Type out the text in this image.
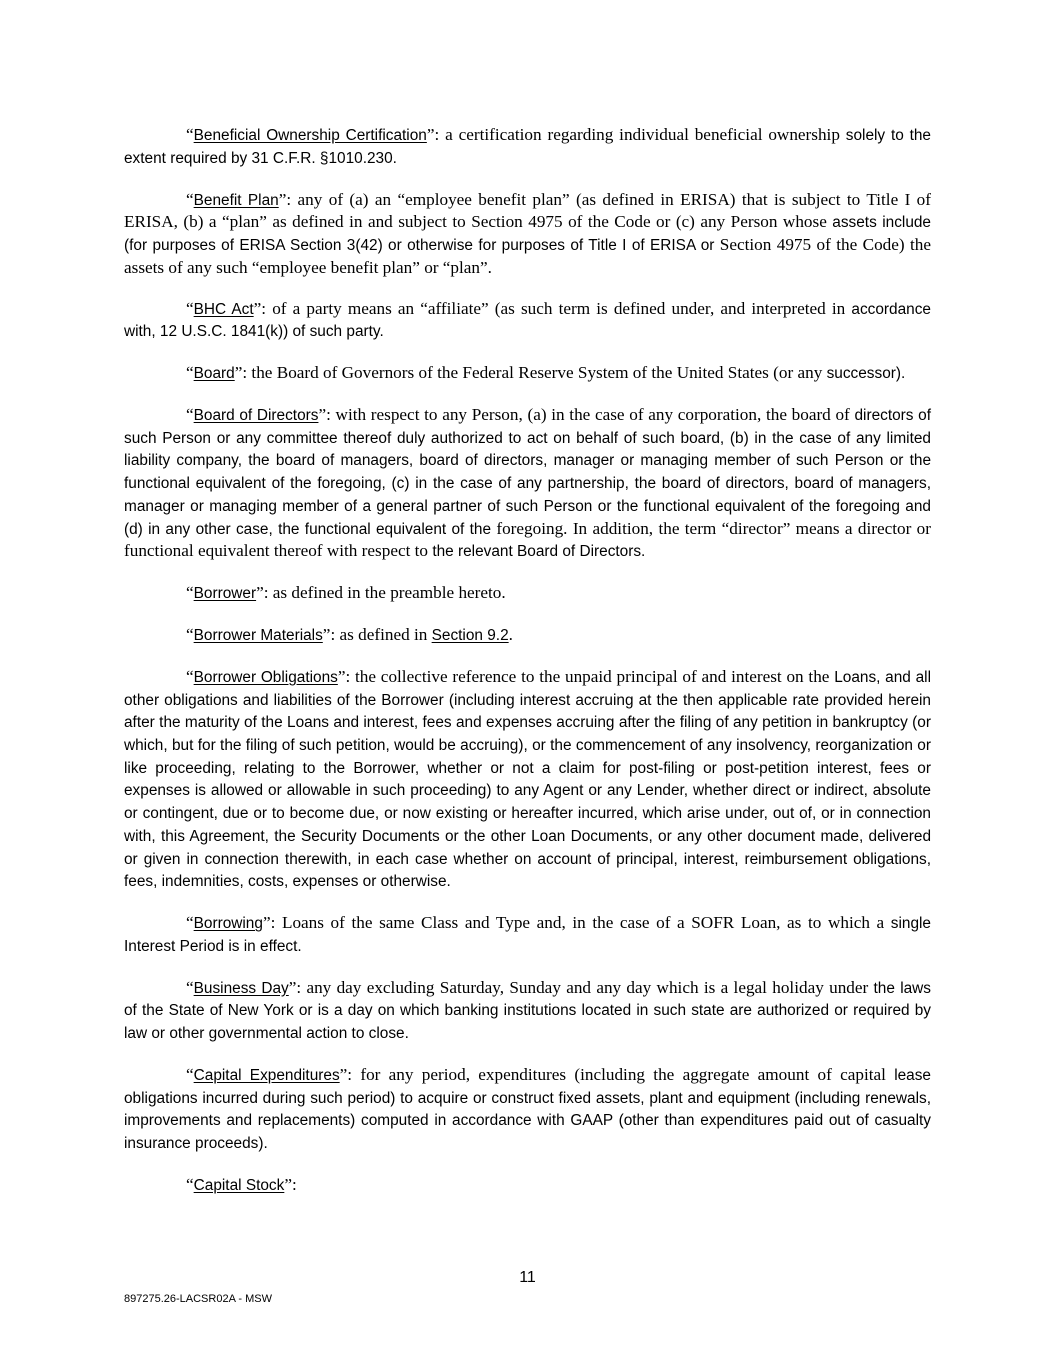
“Beneficial Ownership Certification”: a certification regarding individual beneficial ownership solely to the extent required by 31 C.F.R. §1010.230.

“Benefit Plan”: any of (a) an “employee benefit plan” (as defined in ERISA) that is subject to Title I of ERISA, (b) a “plan” as defined in and subject to Section 4975 of the Code or (c) any Person whose assets include (for purposes of ERISA Section 3(42) or otherwise for purposes of Title I of ERISA or Section 4975 of the Code) the assets of any such “employee benefit plan” or “plan”.

“BHC Act”: of a party means an “affiliate” (as such term is defined under, and interpreted in accordance with, 12 U.S.C. 1841(k)) of such party.

“Board”: the Board of Governors of the Federal Reserve System of the United States (or any successor).

“Board of Directors”: with respect to any Person, (a) in the case of any corporation, the board of directors of such Person or any committee thereof duly authorized to act on behalf of such board, (b) in the case of any limited liability company, the board of managers, board of directors, manager or managing member of such Person or the functional equivalent of the foregoing, (c) in the case of any partnership, the board of directors, board of managers, manager or managing member of a general partner of such Person or the functional equivalent of the foregoing and (d) in any other case, the functional equivalent of the foregoing. In addition, the term “director” means a director or functional equivalent thereof with respect to the relevant Board of Directors.

“Borrower”: as defined in the preamble hereto.

“Borrower Materials”: as defined in Section 9.2.

“Borrower Obligations”: the collective reference to the unpaid principal of and interest on the Loans, and all other obligations and liabilities of the Borrower (including interest accruing at the then applicable rate provided herein after the maturity of the Loans and interest, fees and expenses accruing after the filing of any petition in bankruptcy (or which, but for the filing of such petition, would be accruing), or the commencement of any insolvency, reorganization or like proceeding, relating to the Borrower, whether or not a claim for post-filing or post-petition interest, fees or expenses is allowed or allowable in such proceeding) to any Agent or any Lender, whether direct or indirect, absolute or contingent, due or to become due, or now existing or hereafter incurred, which arise under, out of, or in connection with, this Agreement, the Security Documents or the other Loan Documents, or any other document made, delivered or given in connection therewith, in each case whether on account of principal, interest, reimbursement obligations, fees, indemnities, costs, expenses or otherwise.

“Borrowing”: Loans of the same Class and Type and, in the case of a SOFR Loan, as to which a single Interest Period is in effect.

“Business Day”: any day excluding Saturday, Sunday and any day which is a legal holiday under the laws of the State of New York or is a day on which banking institutions located in such state are authorized or required by law or other governmental action to close.

“Capital Expenditures”: for any period, expenditures (including the aggregate amount of capital lease obligations incurred during such period) to acquire or construct fixed assets, plant and equipment (including renewals, improvements and replacements) computed in accordance with GAAP (other than expenditures paid out of casualty insurance proceeds).

“Capital Stock”:

11
897275.26-LACSR02A - MSW
